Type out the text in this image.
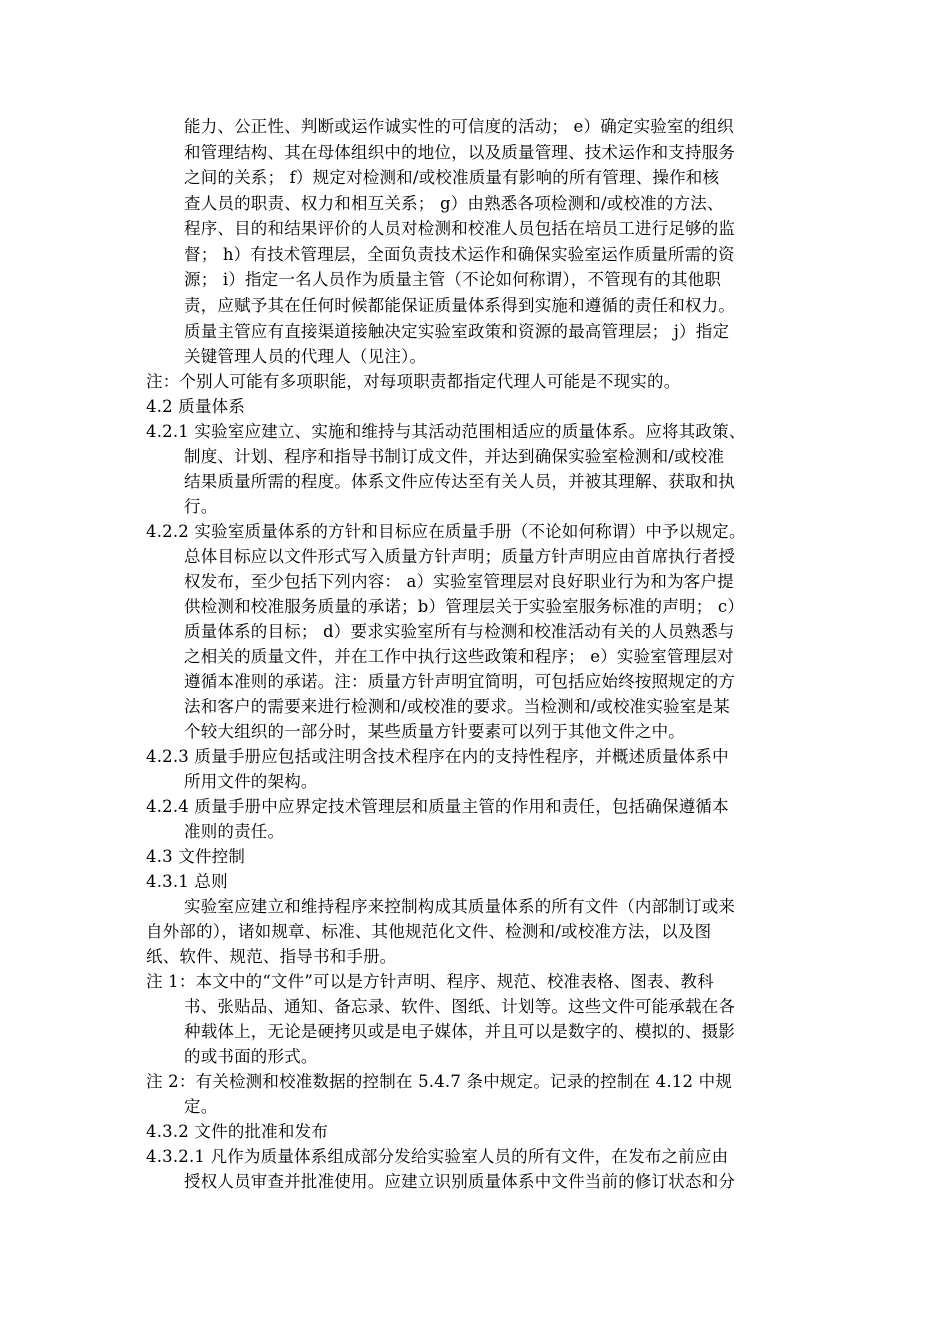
能力、公正性、判断或运作诚实性的可信度的活动； e）确定实验室的组织
和管理结构、其在母体组织中的地位，以及质量管理、技术运作和支持服务
之间的关系； f）规定对检测和/或校准质量有影响的所有管理、操作和核
查人员的职责、权力和相互关系； g）由熟悉各项检测和/或校准的方法、
程序、目的和结果评价的人员对检测和校准人员包括在培员工进行足够的监
督； h）有技术管理层，全面负责技术运作和确保实验室运作质量所需的资
源； i）指定一名人员作为质量主管（不论如何称谓），不管现有的其他职
责，应赋予其在任何时候都能保证质量体系得到实施和遵循的责任和权力。
质量主管应有直接渠道接触决定实验室政策和资源的最高管理层； j）指定
关键管理人员的代理人（见注）。
注：个别人可能有多项职能，对每项职责都指定代理人可能是不现实的。
4.2 质量体系
4.2.1 实验室应建立、实施和维持与其活动范围相适应的质量体系。应将其政策、
制度、计划、程序和指导书制订成文件，并达到确保实验室检测和/或校准
结果质量所需的程度。体系文件应传达至有关人员，并被其理解、获取和执
行。
4.2.2 实验室质量体系的方针和目标应在质量手册（不论如何称谓）中予以规定。
总体目标应以文件形式写入质量方针声明；质量方针声明应由首席执行者授
权发布，至少包括下列内容： a）实验室管理层对良好职业行为和为客户提
供检测和校准服务质量的承诺；b）管理层关于实验室服务标准的声明； c）
质量体系的目标； d）要求实验室所有与检测和校准活动有关的人员熟悉与
之相关的质量文件，并在工作中执行这些政策和程序； e）实验室管理层对
遵循本准则的承诺。注：质量方针声明宜简明，可包括应始终按照规定的方
法和客户的需要来进行检测和/或校准的要求。当检测和/或校准实验室是某
个较大组织的一部分时，某些质量方针要素可以列于其他文件之中。
4.2.3 质量手册应包括或注明含技术程序在内的支持性程序，并概述质量体系中
所用文件的架构。
4.2.4 质量手册中应界定技术管理层和质量主管的作用和责任，包括确保遵循本
准则的责任。
4.3 文件控制
4.3.1 总则
实验室应建立和维持程序来控制构成其质量体系的所有文件（内部制订或来
自外部的），诸如规章、标准、其他规范化文件、检测和/或校准方法，以及图
纸、软件、规范、指导书和手册。
注 1：本文中的“文件”可以是方针声明、程序、规范、校准表格、图表、教科
书、张贴品、通知、备忘录、软件、图纸、计划等。这些文件可能承载在各
种载体上，无论是硬拷贝或是电子媒体，并且可以是数字的、模拟的、摄影
的或书面的形式。
注 2：有关检测和校准数据的控制在 5.4.7 条中规定。记录的控制在 4.12 中规
定。
4.3.2 文件的批准和发布
4.3.2.1 凡作为质量体系组成部分发给实验室人员的所有文件，在发布之前应由
授权人员审查并批准使用。应建立识别质量体系中文件当前的修订状态和分
